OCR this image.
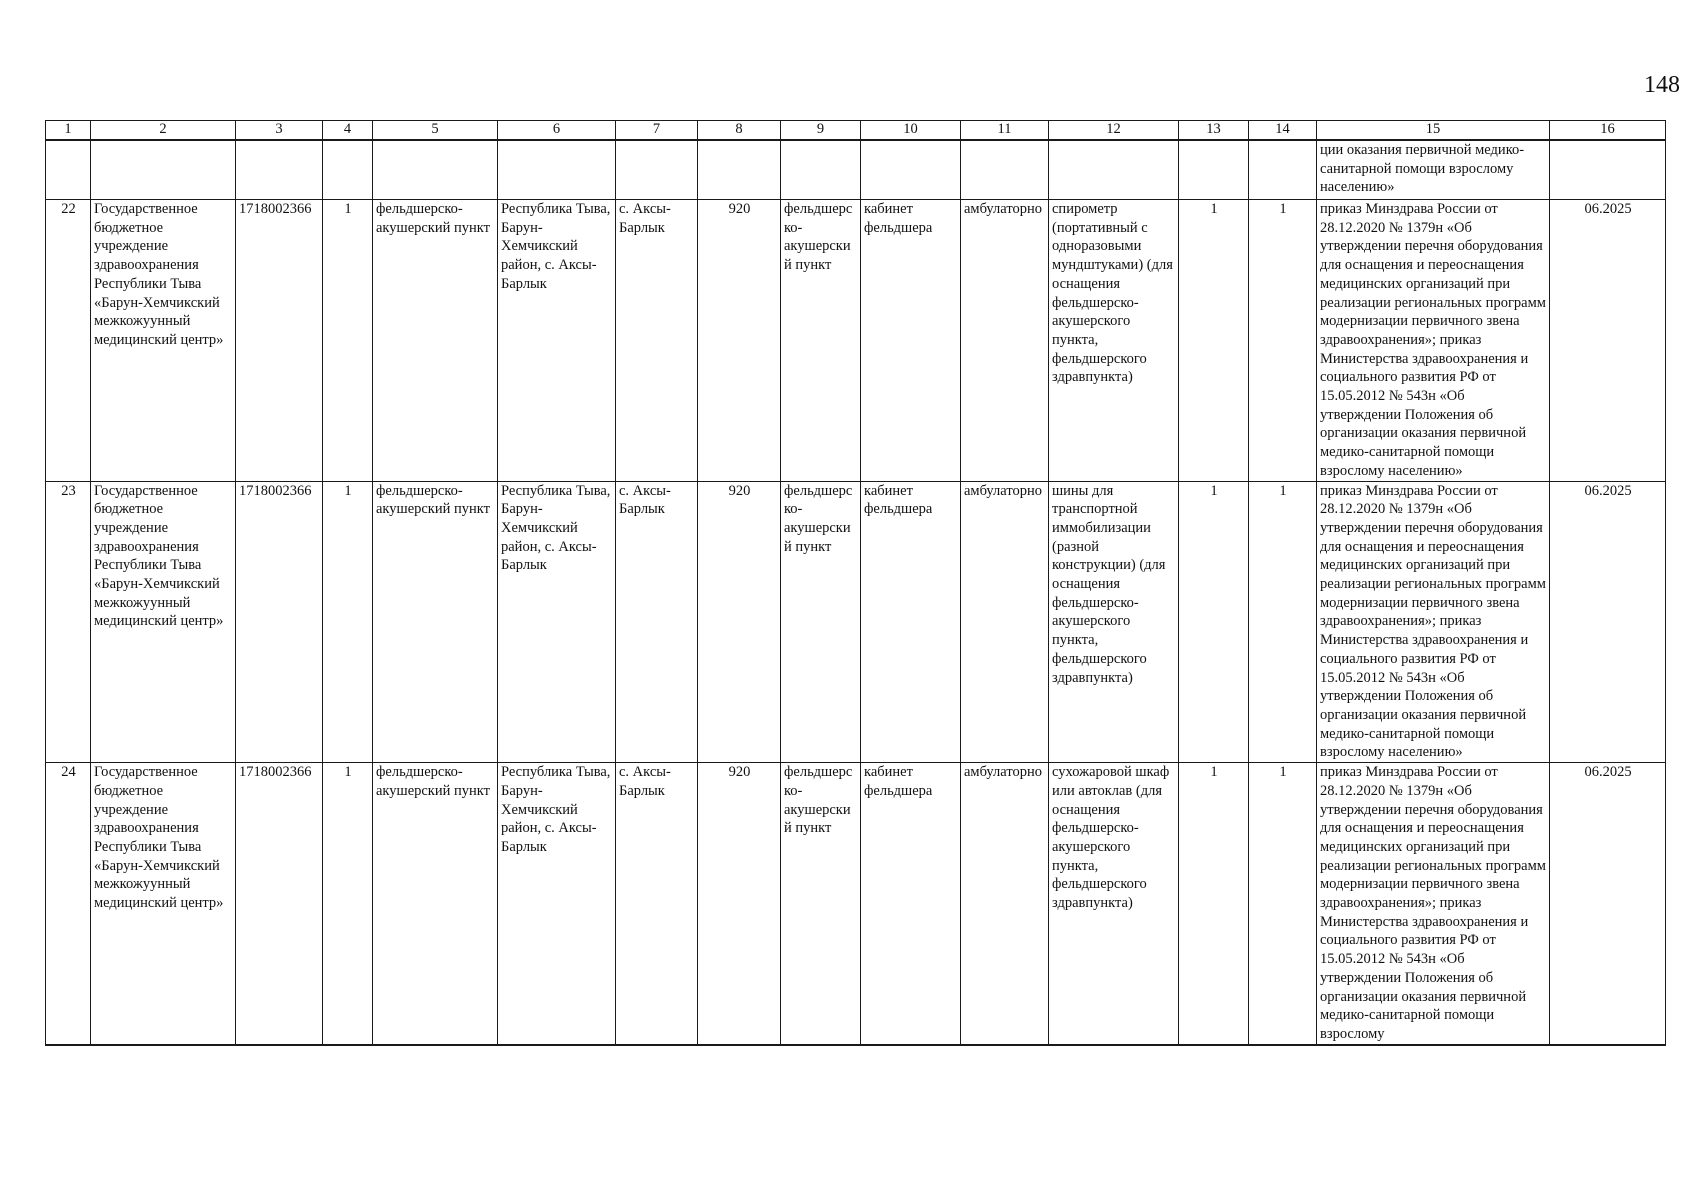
148
1	2	3	4	5	6	7	8	9	10	11	12	13	14	15	16
														ции оказания первичной медико-санитарной помощи взрослому населению»	
22	Государственное бюджетное учреждение здравоохранения Республики Тыва «Барун-Хемчикский межкожуунный медицинский центр»	1718002366	1	фельдшерско-акушерский пункт	Республика Тыва, Барун-Хемчикский район, с. Аксы-Барлык	с. Аксы-Барлык	920	фельдшерско-акушерский пункт	кабинет фельдшера	амбулаторно	спирометр (портативный с одноразовыми мундштуками) (для оснащения фельдшерско-акушерского пункта, фельдшерского здравпункта)	1	1	приказ Минздрава России от 28.12.2020 № 1379н «Об утверждении перечня оборудования для оснащения и переоснащения медицинских организаций при реализации региональных программ модернизации первичного звена здравоохранения»; приказ Министерства здравоохранения и социального развития РФ от 15.05.2012 № 543н «Об утверждении Положения об организации оказания первичной медико-санитарной помощи взрослому населению»	06.2025
23	Государственное бюджетное учреждение здравоохранения Республики Тыва «Барун-Хемчикский межкожуунный медицинский центр»	1718002366	1	фельдшерско-акушерский пункт	Республика Тыва, Барун-Хемчикский район, с. Аксы-Барлык	с. Аксы-Барлык	920	фельдшерско-акушерский пункт	кабинет фельдшера	амбулаторно	шины для транспортной иммобилизации (разной конструкции) (для оснащения фельдшерско-акушерского пункта, фельдшерского здравпункта)	1	1	приказ Минздрава России от 28.12.2020 № 1379н «Об утверждении перечня оборудования для оснащения и переоснащения медицинских организаций при реализации региональных программ модернизации первичного звена здравоохранения»; приказ Министерства здравоохранения и социального развития РФ от 15.05.2012 № 543н «Об утверждении Положения об организации оказания первичной медико-санитарной помощи взрослому населению»	06.2025
24	Государственное бюджетное учреждение здравоохранения Республики Тыва «Барун-Хемчикский межкожуунный медицинский центр»	1718002366	1	фельдшерско-акушерский пункт	Республика Тыва, Барун-Хемчикский район, с. Аксы-Барлык	с. Аксы-Барлык	920	фельдшерско-акушерский пункт	кабинет фельдшера	амбулаторно	сухожаровой шкаф или автоклав (для оснащения фельдшерско-акушерского пункта, фельдшерского здравпункта)	1	1	приказ Минздрава России от 28.12.2020 № 1379н «Об утверждении перечня оборудования для оснащения и переоснащения медицинских организаций при реализации региональных программ модернизации первичного звена здравоохранения»; приказ Министерства здравоохранения и социального развития РФ от 15.05.2012 № 543н «Об утверждении Положения об организации оказания первичной медико-санитарной помощи взрослому	06.2025
